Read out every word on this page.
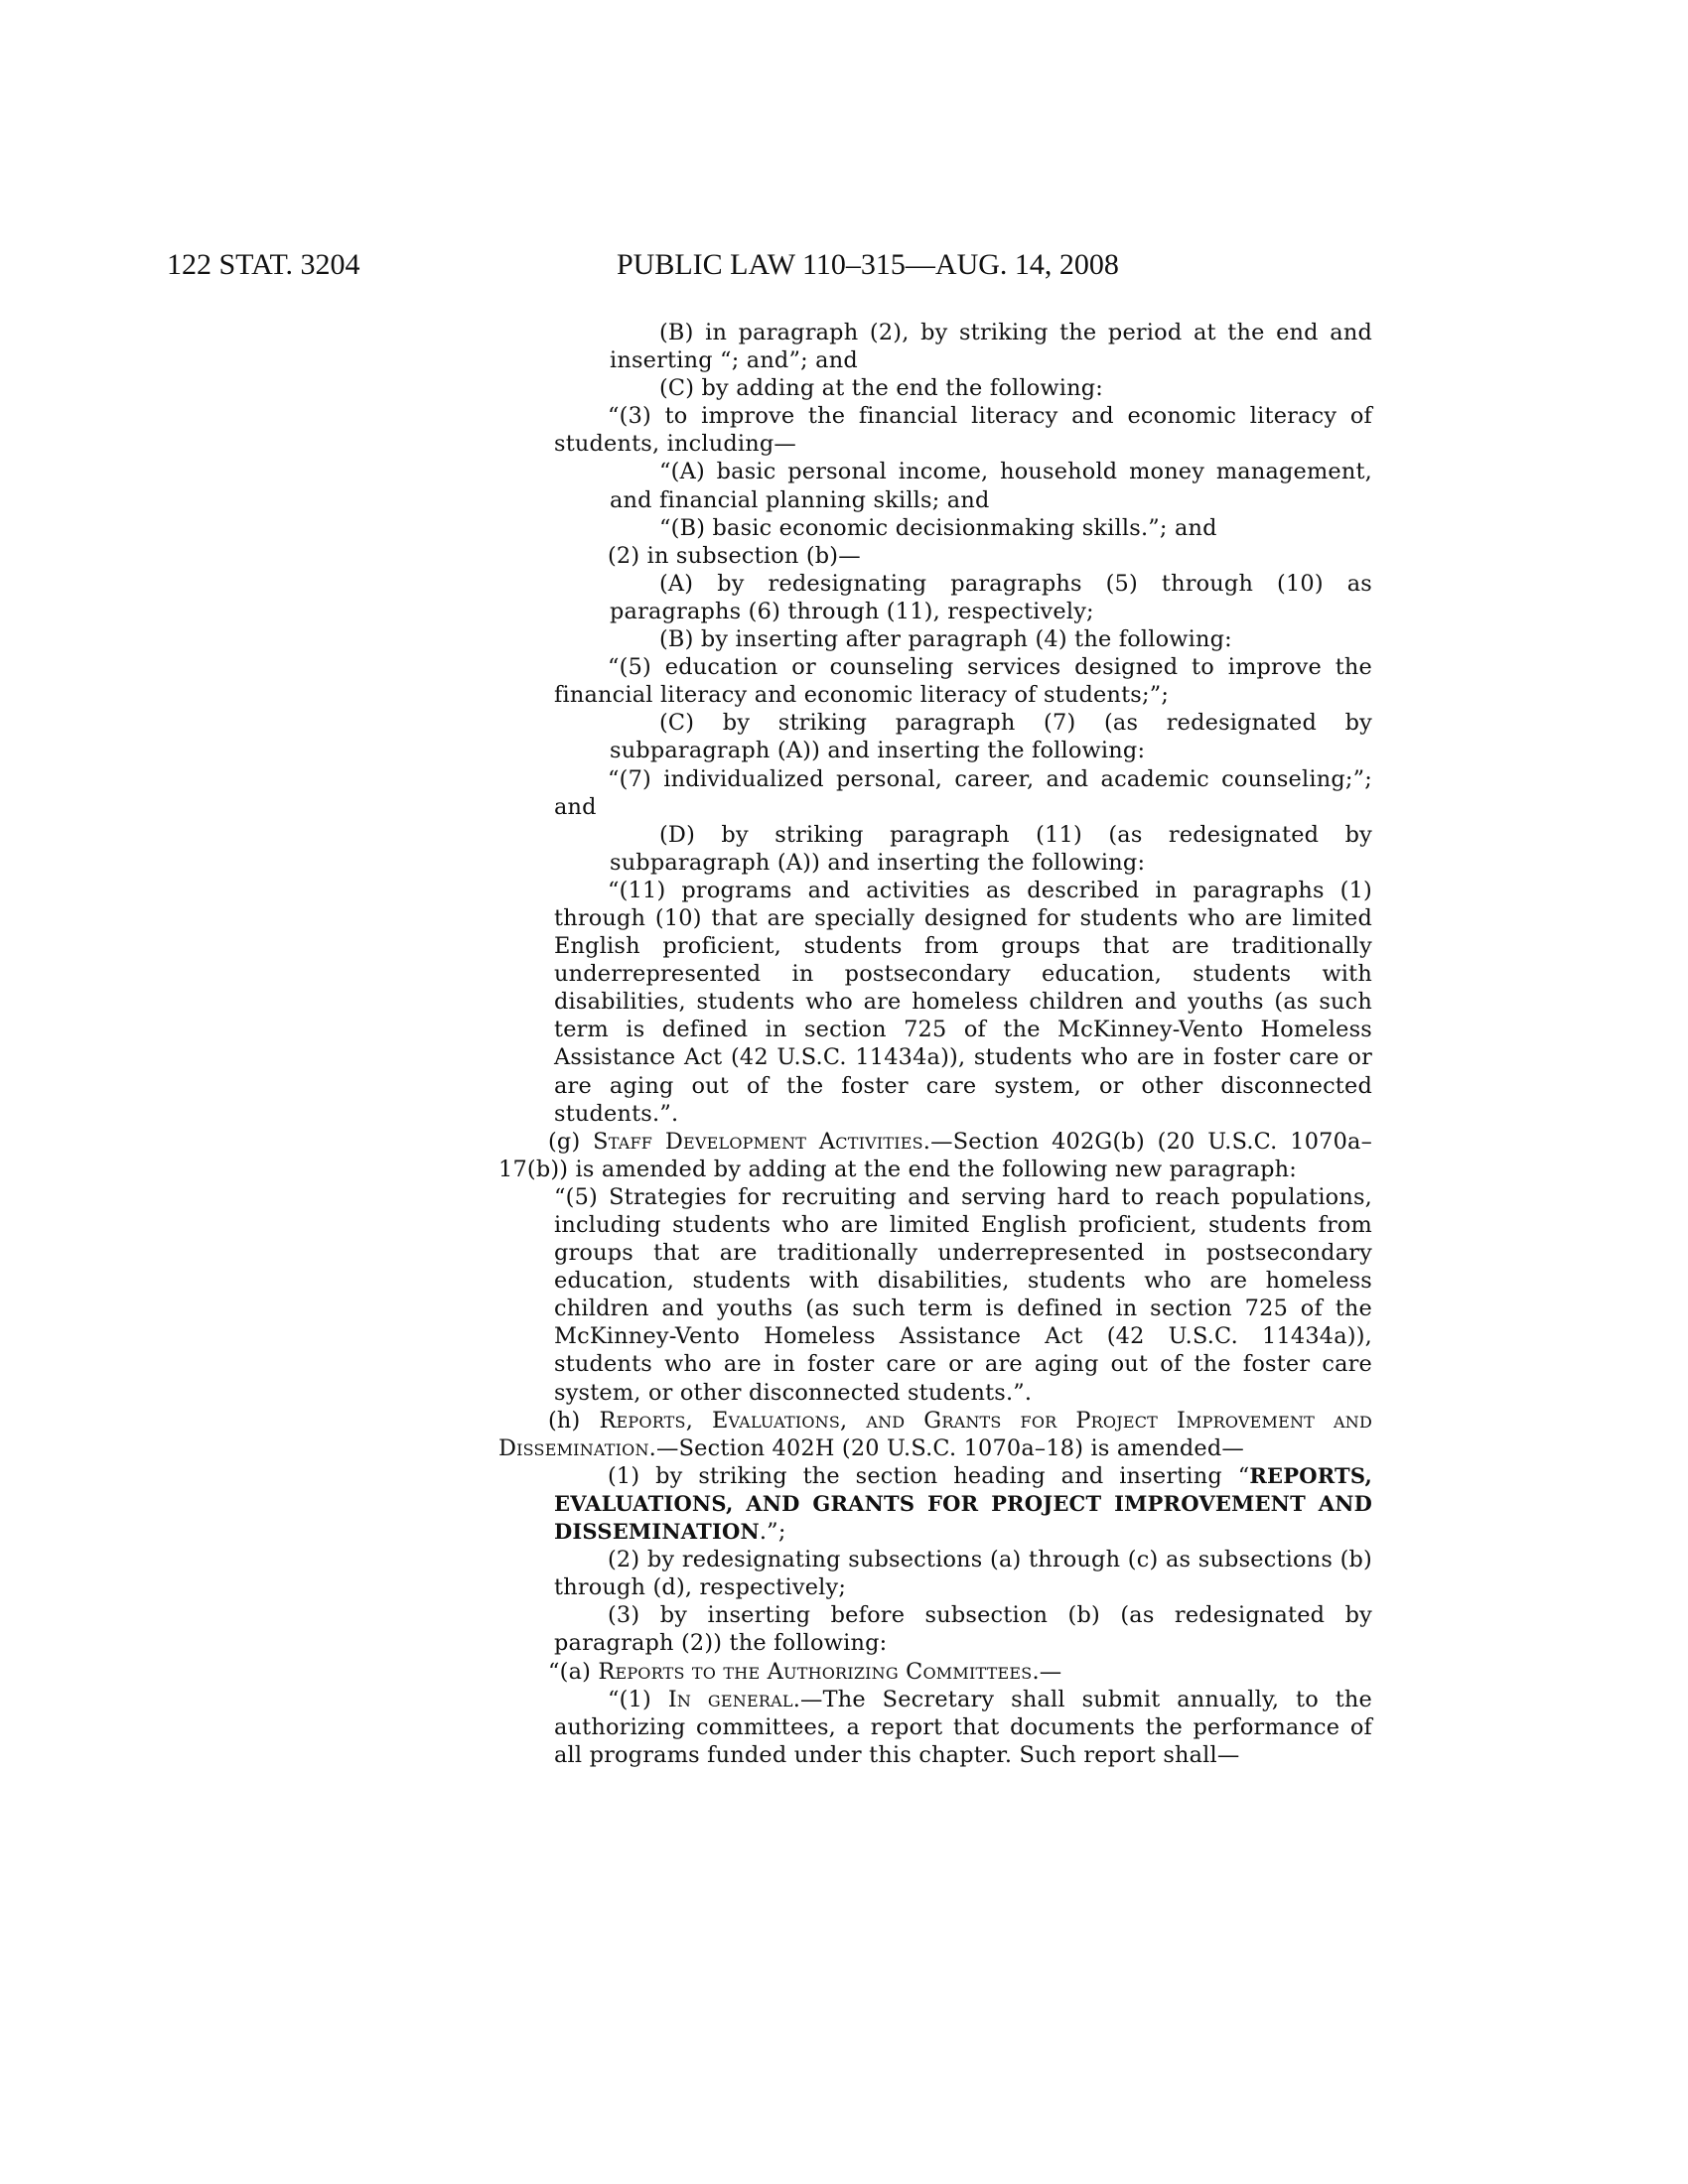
122 STAT. 3204	PUBLIC LAW 110–315—AUG. 14, 2008

(B) in paragraph (2), by striking the period at the end and inserting “; and”; and

(C) by adding at the end the following:

“(3) to improve the financial literacy and economic literacy of students, including—

“(A) basic personal income, household money management, and financial planning skills; and

“(B) basic economic decisionmaking skills.”; and

(2) in subsection (b)—

(A) by redesignating paragraphs (5) through (10) as paragraphs (6) through (11), respectively;

(B) by inserting after paragraph (4) the following:

“(5) education or counseling services designed to improve the financial literacy and economic literacy of students;”;

(C) by striking paragraph (7) (as redesignated by subparagraph (A)) and inserting the following:

“(7) individualized personal, career, and academic counseling;”; and

(D) by striking paragraph (11) (as redesignated by subparagraph (A)) and inserting the following:

“(11) programs and activities as described in paragraphs (1) through (10) that are specially designed for students who are limited English proficient, students from groups that are traditionally underrepresented in postsecondary education, students with disabilities, students who are homeless children and youths (as such term is defined in section 725 of the McKinney-Vento Homeless Assistance Act (42 U.S.C. 11434a)), students who are in foster care or are aging out of the foster care system, or other disconnected students.”.

(g) Staff Development Activities.—Section 402G(b) (20 U.S.C. 1070a–17(b)) is amended by adding at the end the following new paragraph:

“(5) Strategies for recruiting and serving hard to reach populations, including students who are limited English proficient, students from groups that are traditionally underrepresented in postsecondary education, students with disabilities, students who are homeless children and youths (as such term is defined in section 725 of the McKinney-Vento Homeless Assistance Act (42 U.S.C. 11434a)), students who are in foster care or are aging out of the foster care system, or other disconnected students.”.

(h) Reports, Evaluations, and Grants for Project Improvement and Dissemination.—Section 402H (20 U.S.C. 1070a–18) is amended—

(1) by striking the section heading and inserting “REPORTS, EVALUATIONS, AND GRANTS FOR PROJECT IMPROVEMENT AND DISSEMINATION.”;

(2) by redesignating subsections (a) through (c) as subsections (b) through (d), respectively;

(3) by inserting before subsection (b) (as redesignated by paragraph (2)) the following:

“(a) Reports to the Authorizing Committees.—

“(1) In general.—The Secretary shall submit annually, to the authorizing committees, a report that documents the performance of all programs funded under this chapter. Such report shall—
